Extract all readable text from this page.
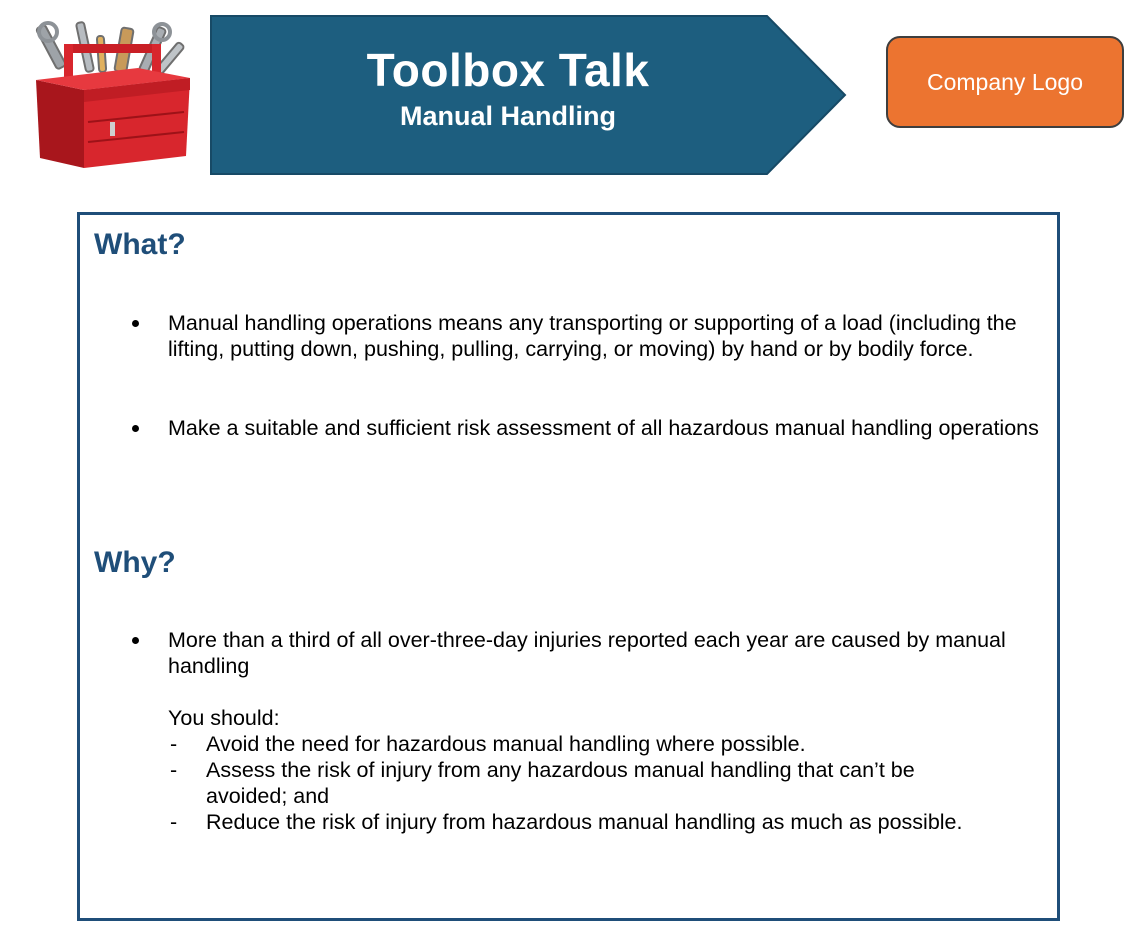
Toolbox Talk
Manual Handling
Company Logo
What?
Manual handling operations means any transporting or supporting of a load (including the lifting, putting down, pushing, pulling, carrying, or moving) by hand or by bodily force.
Make a suitable and sufficient risk assessment of all hazardous manual handling operations
Why?
More than a third of all over-three-day injuries reported each year are caused by manual handling
You should:
- Avoid the need for hazardous manual handling where possible.
- Assess the risk of injury from any hazardous manual handling that can’t be avoided; and
- Reduce the risk of injury from hazardous manual handling as much as possible.
